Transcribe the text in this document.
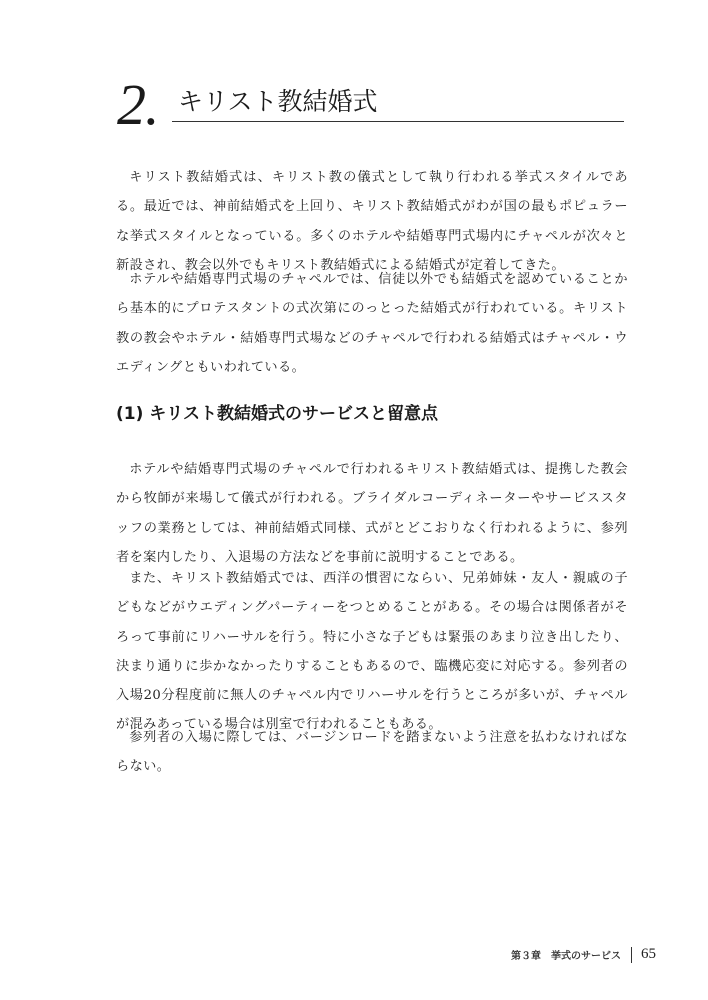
2. キリスト教結婚式

キリスト教結婚式は、キリスト教の儀式として執り行われる挙式スタイルである。最近では、神前結婚式を上回り、キリスト教結婚式がわが国の最もポピュラーな挙式スタイルとなっている。多くのホテルや結婚専門式場内にチャペルが次々と新設され、教会以外でもキリスト教結婚式による結婚式が定着してきた。

ホテルや結婚専門式場のチャペルでは、信徒以外でも結婚式を認めていることから基本的にプロテスタントの式次第にのっとった結婚式が行われている。キリスト教の教会やホテル・結婚専門式場などのチャペルで行われる結婚式はチャペル・ウエディングともいわれている。

(1) キリスト教結婚式のサービスと留意点

ホテルや結婚専門式場のチャペルで行われるキリスト教結婚式は、提携した教会から牧師が来場して儀式が行われる。ブライダルコーディネーターやサービススタッフの業務としては、神前結婚式同様、式がとどこおりなく行われるように、参列者を案内したり、入退場の方法などを事前に説明することである。

また、キリスト教結婚式では、西洋の慣習にならい、兄弟姉妹・友人・親戚の子どもなどがウエディングパーティーをつとめることがある。その場合は関係者がそろって事前にリハーサルを行う。特に小さな子どもは緊張のあまり泣き出したり、決まり通りに歩かなかったりすることもあるので、臨機応変に対応する。参列者の入場20分程度前に無人のチャペル内でリハーサルを行うところが多いが、チャペルが混みあっている場合は別室で行われることもある。

参列者の入場に際しては、バージンロードを踏まないよう注意を払わなければならない。

第３章　挙式のサービス 65
